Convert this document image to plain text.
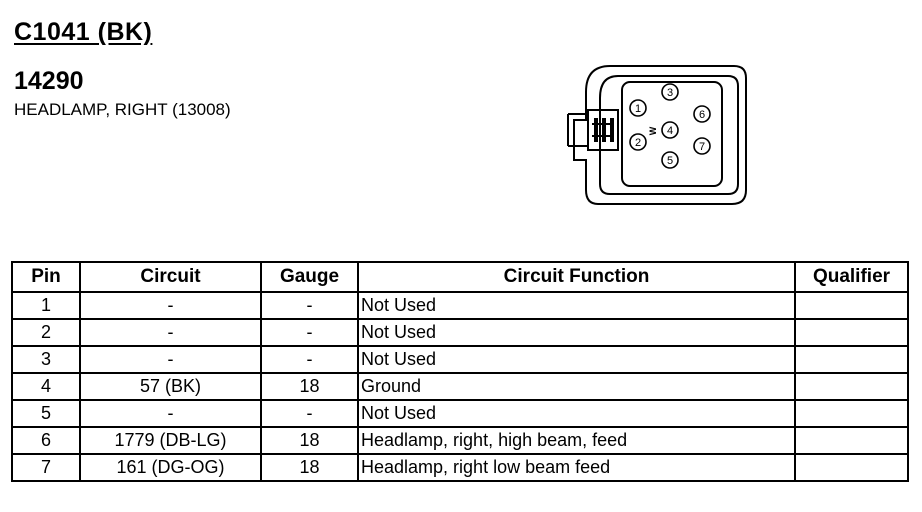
C1041 (BK)
14290
HEADLAMP, RIGHT (13008)	1
2
3
4
5
6
7
W
Pin	Circuit	Gauge	Circuit Function	Qualifier
1	-	-	Not Used	
2	-	-	Not Used	
3	-	-	Not Used	
4	57 (BK)	18	Ground	
5	-	-	Not Used	
6	1779 (DB-LG)	18	Headlamp, right, high beam, feed	
7	161 (DG-OG)	18	Headlamp, right low beam feed	
